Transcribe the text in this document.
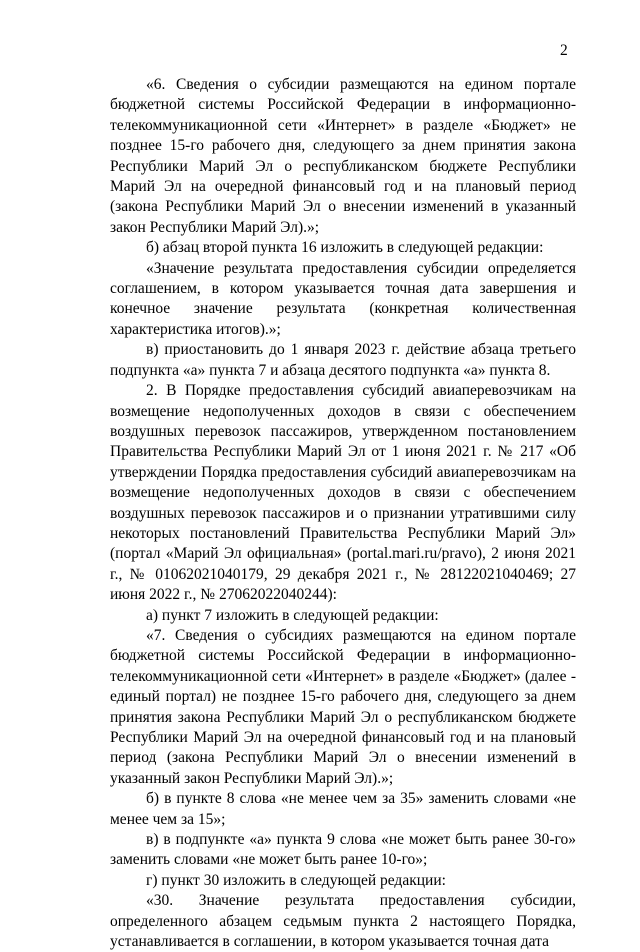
2

«6. Сведения о субсидии размещаются на едином портале бюджетной системы Российской Федерации в информационно-телекоммуникационной сети «Интернет» в разделе «Бюджет» не позднее 15-го рабочего дня, следующего за днем принятия закона Республики Марий Эл о республиканском бюджете Республики Марий Эл на очередной финансовый год и на плановый период (закона Республики Марий Эл о внесении изменений в указанный закон Республики Марий Эл).»;

б) абзац второй пункта 16 изложить в следующей редакции:

«Значение результата предоставления субсидии определяется соглашением, в котором указывается точная дата завершения и конечное значение результата (конкретная количественная характеристика итогов).»;

в) приостановить до 1 января 2023 г. действие абзаца третьего подпункта «а» пункта 7 и абзаца десятого подпункта «а» пункта 8.

2. В Порядке предоставления субсидий авиаперевозчикам на возмещение недополученных доходов в связи с обеспечением воздушных перевозок пассажиров, утвержденном постановлением Правительства Республики Марий Эл от 1 июня 2021 г. № 217 «Об утверждении Порядка предоставления субсидий авиаперевозчикам на возмещение недополученных доходов в связи с обеспечением воздушных перевозок пассажиров и о признании утратившими силу некоторых постановлений Правительства Республики Марий Эл» (портал «Марий Эл официальная» (portal.mari.ru/pravo), 2 июня 2021 г., № 01062021040179, 29 декабря 2021 г., № 28122021040469; 27 июня 2022 г., № 27062022040244):

а) пункт 7 изложить в следующей редакции:

«7. Сведения о субсидиях размещаются на едином портале бюджетной системы Российской Федерации в информационно-телекоммуникационной сети «Интернет» в разделе «Бюджет» (далее - единый портал) не позднее 15-го рабочего дня, следующего за днем принятия закона Республики Марий Эл о республиканском бюджете Республики Марий Эл на очередной финансовый год и на плановый период (закона Республики Марий Эл о внесении изменений в указанный закон Республики Марий Эл).»;

б) в пункте 8 слова «не менее чем за 35» заменить словами «не менее чем за 15»;

в) в подпункте «а» пункта 9 слова «не может быть ранее 30-го» заменить словами «не может быть ранее 10-го»;

г) пункт 30 изложить в следующей редакции:

«30. Значение результата предоставления субсидии, определенного абзацем седьмым пункта 2 настоящего Порядка, устанавливается в соглашении, в котором указывается точная дата
